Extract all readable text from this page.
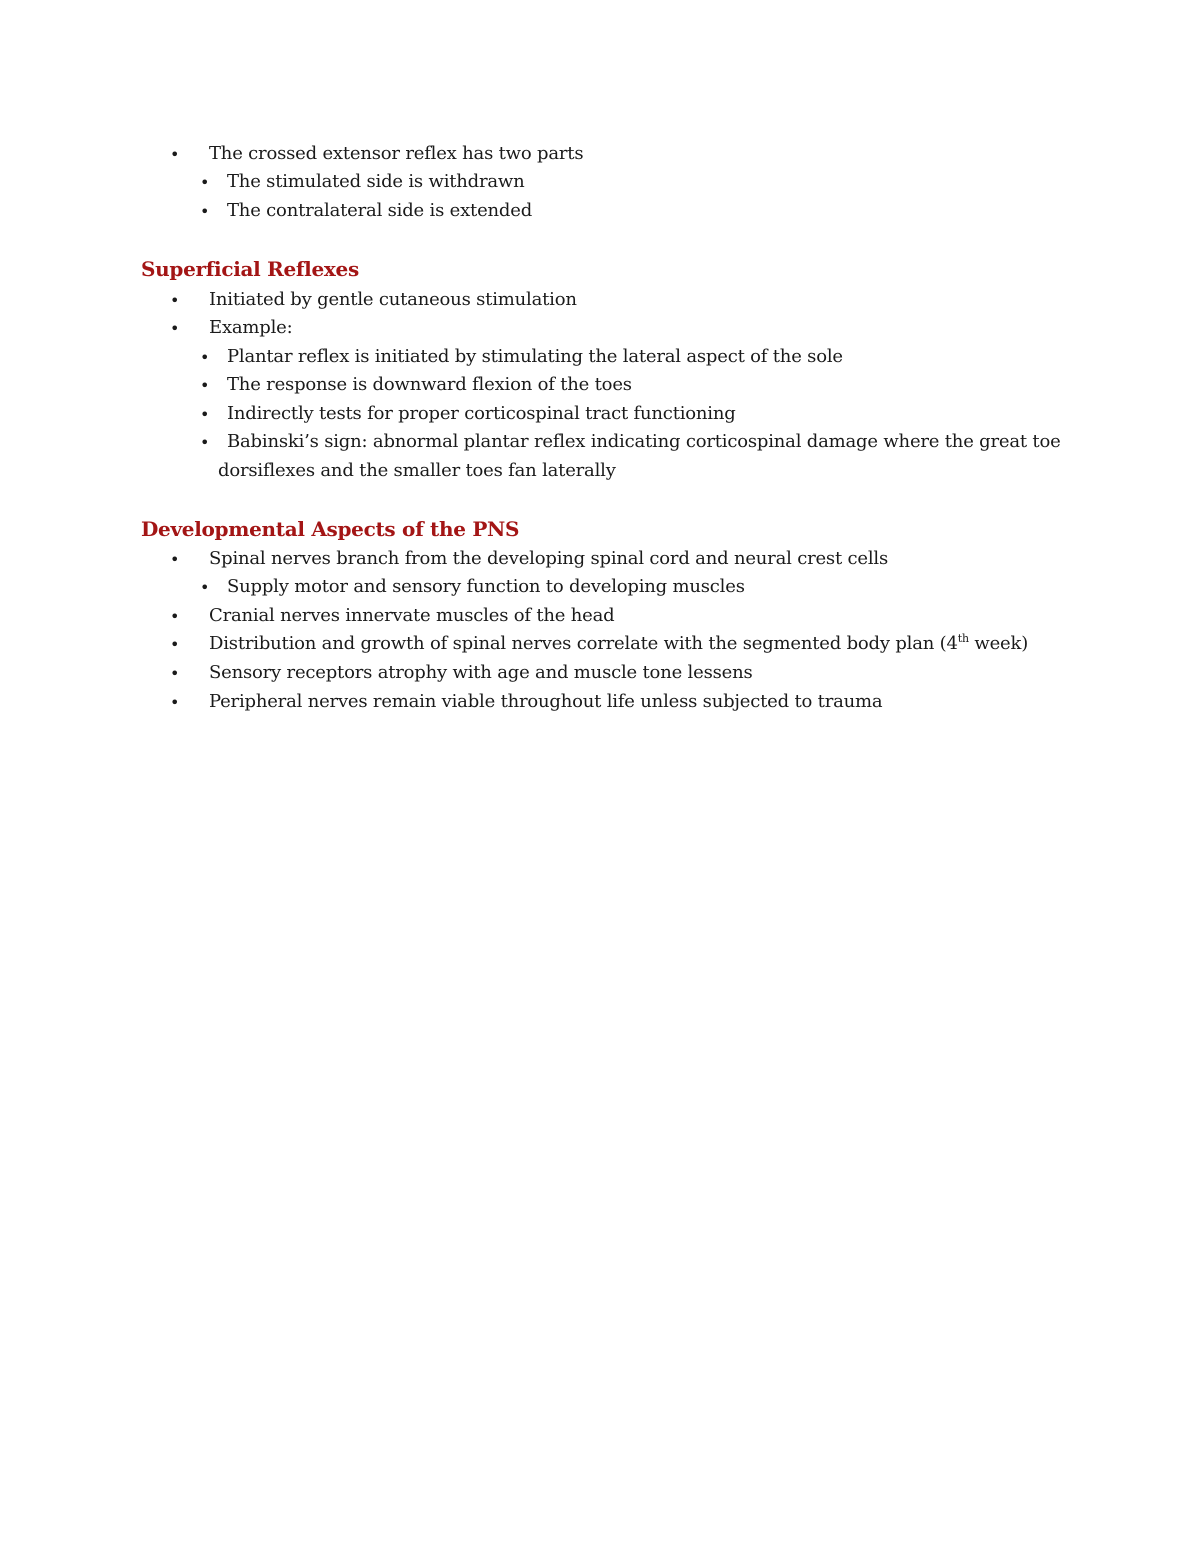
• The crossed extensor reflex has two parts
• The stimulated side is withdrawn
• The contralateral side is extended
Superficial Reflexes
• Initiated by gentle cutaneous stimulation
• Example:
• Plantar reflex is initiated by stimulating the lateral aspect of the sole
• The response is downward flexion of the toes
• Indirectly tests for proper corticospinal tract functioning
• Babinski’s sign: abnormal plantar reflex indicating corticospinal damage where the great toe
dorsiflexes and the smaller toes fan laterally
Developmental Aspects of the PNS
• Spinal nerves branch from the developing spinal cord and neural crest cells
• Supply motor and sensory function to developing muscles
• Cranial nerves innervate muscles of the head
• Distribution and growth of spinal nerves correlate with the segmented body plan (4th week)
• Sensory receptors atrophy with age and muscle tone lessens
• Peripheral nerves remain viable throughout life unless subjected to trauma
